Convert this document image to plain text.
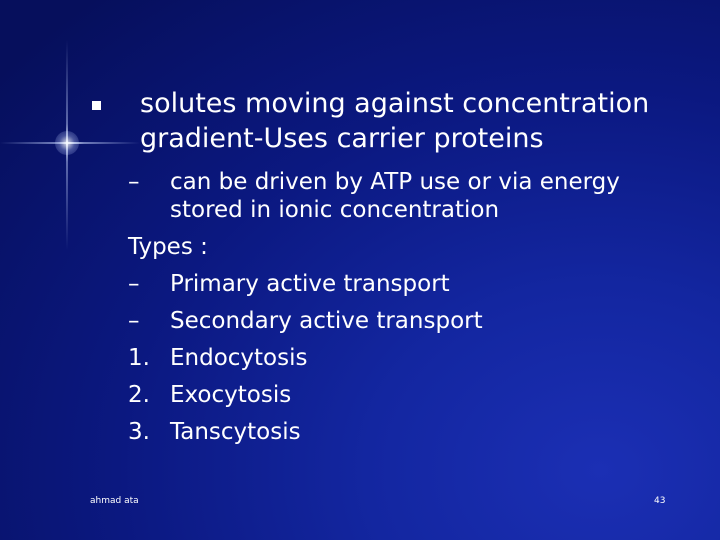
solutes moving against concentration
gradient-Uses carrier proteins
– can be driven by ATP use or via energy
stored in ionic concentration
Types :
– Primary active transport
– Secondary active transport
1. Endocytosis
2. Exocytosis
3. Tanscytosis
ahmad ata	43
